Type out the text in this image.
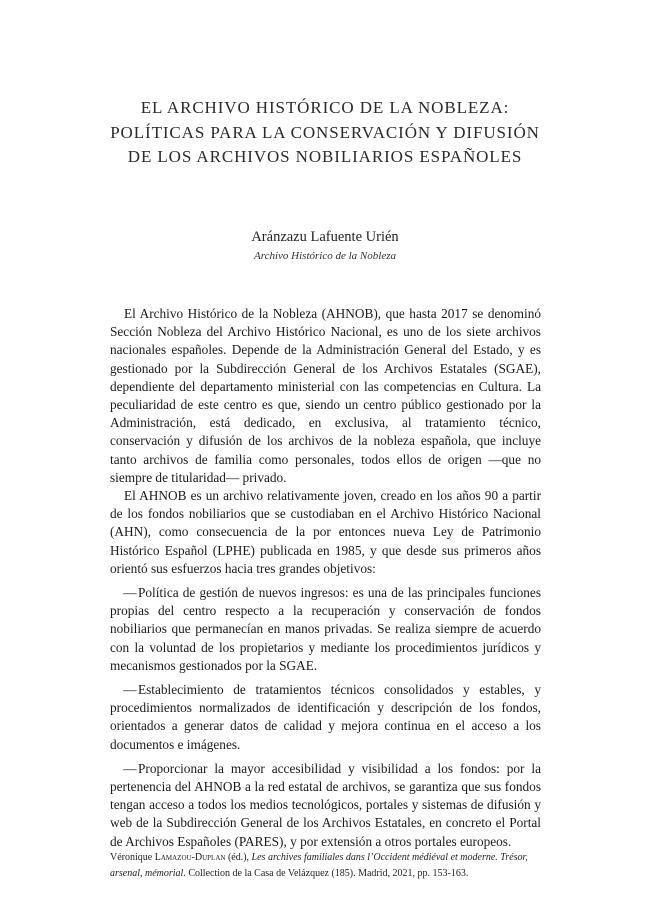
EL ARCHIVO HISTÓRICO DE LA NOBLEZA:
POLÍTICAS PARA LA CONSERVACIÓN Y DIFUSIÓN
DE LOS ARCHIVOS NOBILIARIOS ESPAÑOLES
Aránzazu Lafuente Urién
Archivo Histórico de la Nobleza

El Archivo Histórico de la Nobleza (AHNOB), que hasta 2017 se denominó Sección Nobleza del Archivo Histórico Nacional, es uno de los siete archivos nacionales españoles. Depende de la Administración General del Estado, y es gestionado por la Subdirección General de los Archivos Estatales (SGAE), dependiente del departamento ministerial con las competencias en Cultura. La peculiaridad de este centro es que, siendo un centro público gestionado por la Administración, está dedicado, en exclusiva, al tratamiento técnico, conservación y difusión de los archivos de la nobleza española, que incluye tanto archivos de familia como personales, todos ellos de origen —que no siempre de titularidad— privado.

El AHNOB es un archivo relativamente joven, creado en los años 90 a partir de los fondos nobiliarios que se custodiaban en el Archivo Histórico Nacional (AHN), como consecuencia de la por entonces nueva Ley de Patrimonio Histórico Español (LPHE) publicada en 1985, y que desde sus primeros años orientó sus esfuerzos hacia tres grandes objetivos:

 —Política de gestión de nuevos ingresos: es una de las principales funciones propias del centro respecto a la recuperación y conservación de fondos nobiliarios que permanecían en manos privadas. Se realiza siempre de acuerdo con la voluntad de los propietarios y mediante los procedimientos jurídicos y mecanismos gestionados por la SGAE.

 —Establecimiento de tratamientos técnicos consolidados y estables, y procedimientos normalizados de identificación y descripción de los fondos, orientados a generar datos de calidad y mejora continua en el acceso a los documentos e imágenes.

 —Proporcionar la mayor accesibilidad y visibilidad a los fondos: por la pertenencia del AHNOB a la red estatal de archivos, se garantiza que sus fondos tengan acceso a todos los medios tecnológicos, portales y sistemas de difusión y web de la Subdirección General de los Archivos Estatales, en concreto el Portal de Archivos Españoles (PARES), y por extensión a otros portales europeos.

Véronique Lamazou-Duplan (éd.), Les archives familiales dans l’Occident médiéval et moderne. Trésor, arsenal, mémorial. Collection de la Casa de Velázquez (185). Madrid, 2021, pp. 153-163.
